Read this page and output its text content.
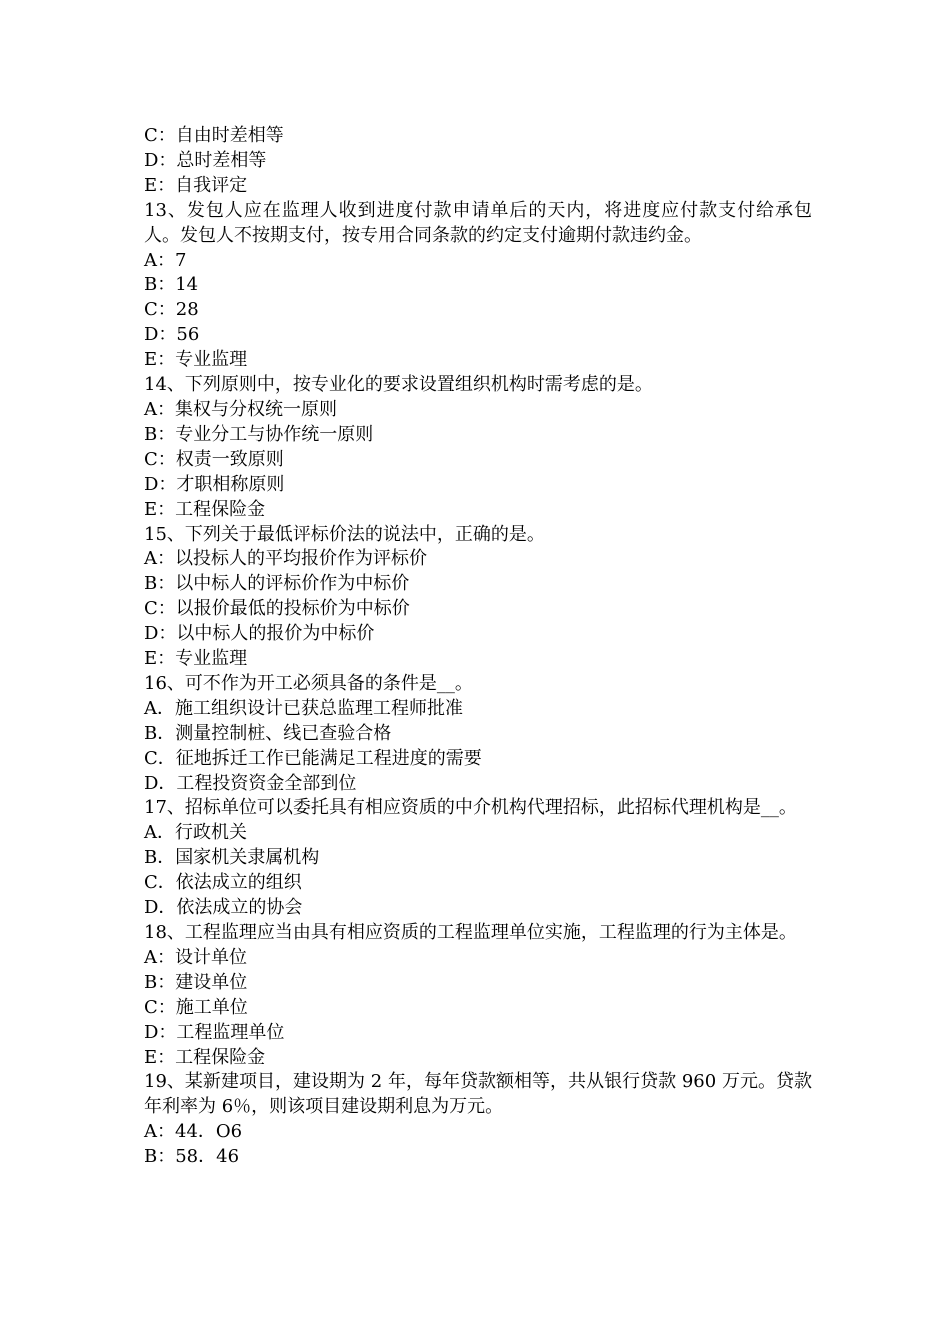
C：自由时差相等

D：总时差相等

E：自我评定

13、发包人应在监理人收到进度付款申请单后的天内，将进度应付款支付给承包人。发包人不按期支付，按专用合同条款的约定支付逾期付款违约金。

A：7

B：14

C：28

D：56

E：专业监理

14、下列原则中，按专业化的要求设置组织机构时需考虑的是。

A：集权与分权统一原则

B：专业分工与协作统一原则

C：权责一致原则

D：才职相称原则

E：工程保险金

15、下列关于最低评标价法的说法中，正确的是。

A：以投标人的平均报价作为评标价

B：以中标人的评标价作为中标价

C：以报价最低的投标价为中标价

D：以中标人的报价为中标价

E：专业监理

16、可不作为开工必须具备的条件是__。

A．施工组织设计已获总监理工程师批准

B．测量控制桩、线已查验合格

C．征地拆迁工作已能满足工程进度的需要

D．工程投资资金全部到位

17、招标单位可以委托具有相应资质的中介机构代理招标，此招标代理机构是__。

A．行政机关

B．国家机关隶属机构

C．依法成立的组织

D．依法成立的协会

18、工程监理应当由具有相应资质的工程监理单位实施，工程监理的行为主体是。

A：设计单位

B：建设单位

C：施工单位

D：工程监理单位

E：工程保险金

19、某新建项目，建设期为 2 年，每年贷款额相等，共从银行贷款 960 万元。贷款年利率为 6％，则该项目建设期利息为万元。

A：44．O6

B：58．46
